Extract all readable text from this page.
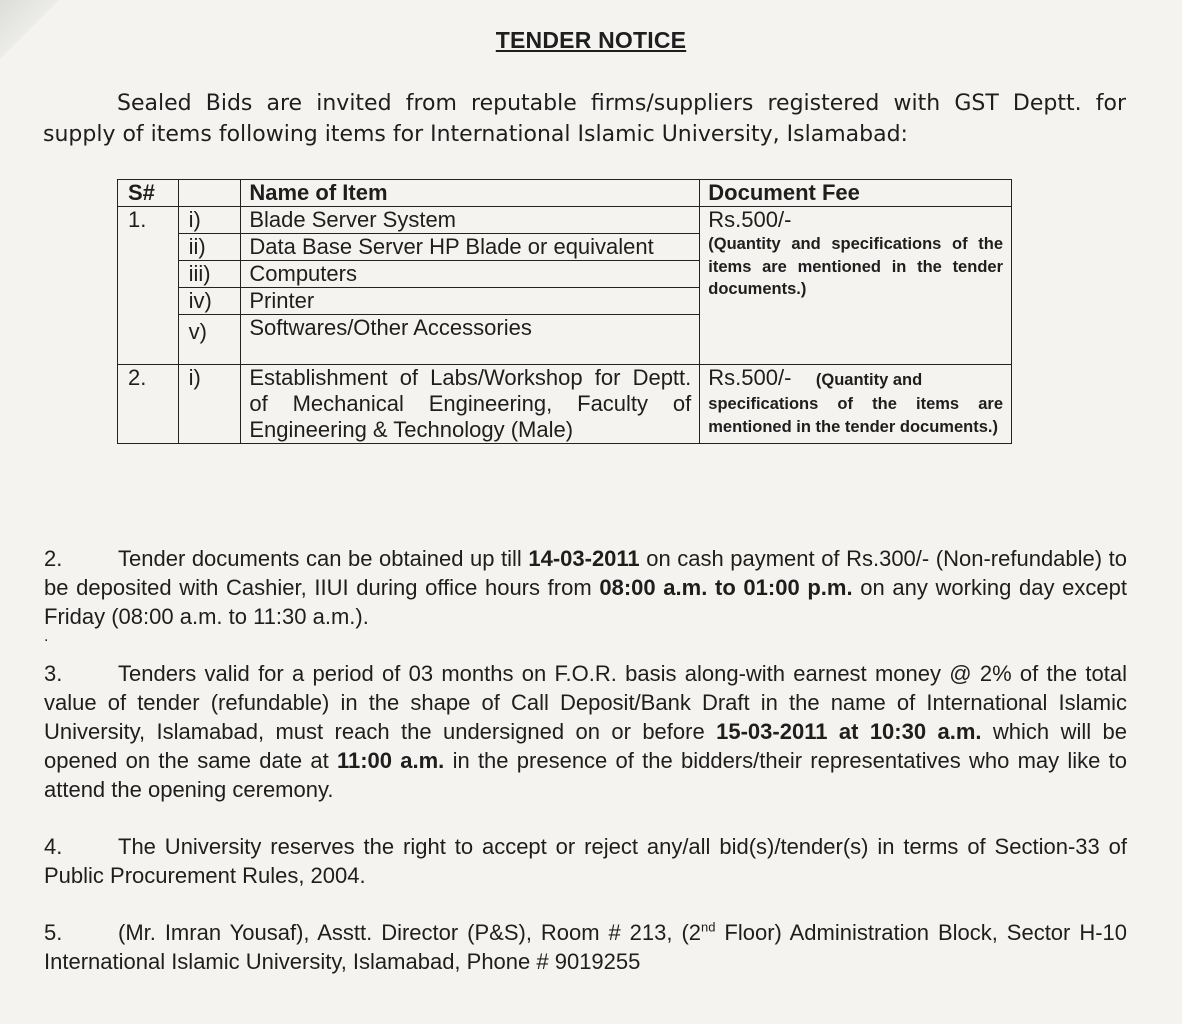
TENDER NOTICE
Sealed Bids are invited from reputable firms/suppliers registered with GST Deptt. for supply of items following items for International Islamic University, Islamabad:
S#		Name of Item	Document Fee
1.	i)	Blade Server System	Rs.500/-
(Quantity and specifications of the items are mentioned in the tender documents.)

	ii)	Data Base Server HP Blade or equivalent	
	iii)	Computers	
	iv)	Printer	
	v)	Softwares/Other Accessories	
2.	i)	Establishment of Labs/Workshop for Deptt. of Mechanical Engineering, Faculty of Engineering & Technology (Male)	Rs.500/- (Quantity and
specifications of the items are mentioned in the tender documents.)
2.	Tender documents can be obtained up till 14-03-2011 on cash payment of Rs.300/- (Non-refundable) to be deposited with Cashier, IIUI during office hours from 08:00 a.m. to 01:00 p.m. on any working day except Friday (08:00 a.m. to 11:30 a.m.).
.
3.	Tenders valid for a period of 03 months on F.O.R. basis along-with earnest money @ 2% of the total value of tender (refundable) in the shape of Call Deposit/Bank Draft in the name of International Islamic University, Islamabad, must reach the undersigned on or before 15-03-2011 at 10:30 a.m. which will be opened on the same date at 11:00 a.m. in the presence of the bidders/their representatives who may like to attend the opening ceremony.
4.	The University reserves the right to accept or reject any/all bid(s)/tender(s) in terms of Section-33 of Public Procurement Rules, 2004.
5.	(Mr. Imran Yousaf), Asstt. Director (P&S), Room # 213, (2nd Floor) Administration Block, Sector H-10 International Islamic University, Islamabad, Phone # 9019255
